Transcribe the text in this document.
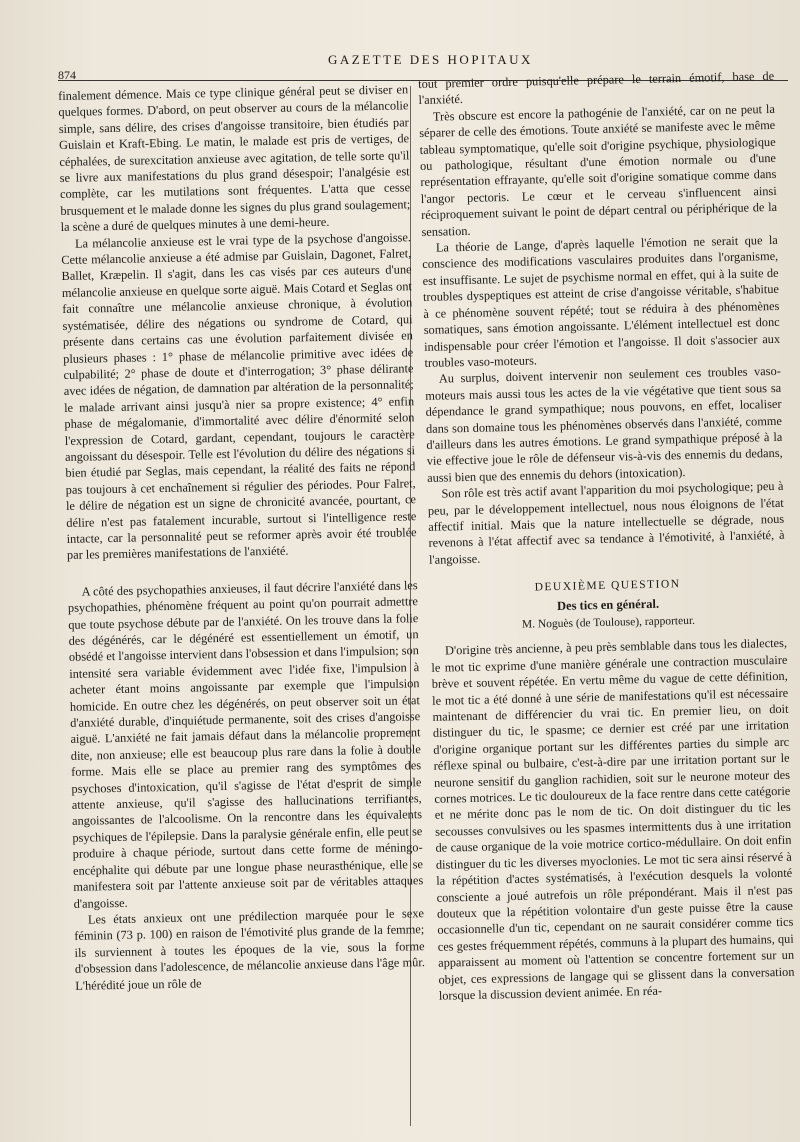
874
GAZETTE DES HOPITAUX

finalement démence. Mais ce type clinique général peut se diviser en quelques formes. D'abord, on peut observer au cours de la mélancolie simple, sans délire, des crises d'angoisse transitoire, bien étudiés par Guislain et Kraft-Ebing. Le matin, le malade est pris de vertiges, de céphalées, de surexcitation anxieuse avec agitation, de telle sorte qu'il se livre aux manifestations du plus grand désespoir; l'analgésie est complète, car les mutilations sont fréquentes. L'atta que cesse brusquement et le malade donne les signes du plus grand soulagement; la scène a duré de quelques minutes à une demi-heure.

La mélancolie anxieuse est le vrai type de la psychose d'angoisse. Cette mélancolie anxieuse a été admise par Guislain, Dagonet, Falret, Ballet, Kræpelin. Il s'agit, dans les cas visés par ces auteurs d'une mélancolie anxieuse en quelque sorte aiguë. Mais Cotard et Seglas ont fait connaître une mélancolie anxieuse chronique, à évolution systématisée, délire des négations ou syndrome de Cotard, qui présente dans certains cas une évolution parfaitement divisée en plusieurs phases : 1° phase de mélancolie primitive avec idées de culpabilité; 2° phase de doute et d'interrogation; 3° phase délirante avec idées de négation, de damnation par altération de la personnalité; le malade arrivant ainsi jusqu'à nier sa propre existence; 4° enfin phase de mégalomanie, d'immortalité avec délire d'énormité selon l'expression de Cotard, gardant, cependant, toujours le caractère angoissant du désespoir. Telle est l'évolution du délire des négations si bien étudié par Seglas, mais cependant, la réalité des faits ne répond pas toujours à cet enchaînement si régulier des périodes. Pour Falret, le délire de négation est un signe de chronicité avancée, pourtant, ce délire n'est pas fatalement incurable, surtout si l'intelligence reste intacte, car la personnalité peut se reformer après avoir été troublée par les premières manifestations de l'anxiété.

A côté des psychopathies anxieuses, il faut décrire l'anxiété dans les psychopathies, phénomène fréquent au point qu'on pourrait admettre que toute psychose débute par de l'anxiété. On les trouve dans la folie des dégénérés, car le dégénéré est essentiellement un émotif, un obsédé et l'angoisse intervient dans l'obsession et dans l'impulsion; son intensité sera variable évidemment avec l'idée fixe, l'impulsion à acheter étant moins angoissante par exemple que l'impulsion homicide. En outre chez les dégénérés, on peut observer soit un état d'anxiété durable, d'inquiétude permanente, soit des crises d'angoisse aiguë. L'anxiété ne fait jamais défaut dans la mélancolie proprement dite, non anxieuse; elle est beaucoup plus rare dans la folie à double forme. Mais elle se place au premier rang des symptômes des psychoses d'intoxication, qu'il s'agisse de l'état d'esprit de simple attente anxieuse, qu'il s'agisse des hallucinations terrifiantes, angoissantes de l'alcoolisme. On la rencontre dans les équivalents psychiques de l'épilepsie. Dans la paralysie générale enfin, elle peut se produire à chaque période, surtout dans cette forme de méningo-encéphalite qui débute par une longue phase neurasthénique, elle se manifestera soit par l'attente anxieuse soit par de véritables attaques d'angoisse.

Les états anxieux ont une prédilection marquée pour le sexe féminin (73 p. 100) en raison de l'émotivité plus grande de la femme; ils surviennent à toutes les époques de la vie, sous la forme d'obsession dans l'adolescence, de mélancolie anxieuse dans l'âge mûr. L'hérédité joue un rôle de

tout premier ordre puisqu'elle prépare le terrain émotif, base de l'anxiété.

Très obscure est encore la pathogénie de l'anxiété, car on ne peut la séparer de celle des émotions. Toute anxiété se manifeste avec le même tableau symptomatique, qu'elle soit d'origine psychique, physiologique ou pathologique, résultant d'une émotion normale ou d'une représentation effrayante, qu'elle soit d'origine somatique comme dans l'angor pectoris. Le cœur et le cerveau s'influencent ainsi réciproquement suivant le point de départ central ou périphérique de la sensation.

La théorie de Lange, d'après laquelle l'émotion ne serait que la conscience des modifications vasculaires produites dans l'organisme, est insuffisante. Le sujet de psychisme normal en effet, qui à la suite de troubles dyspeptiques est atteint de crise d'angoisse véritable, s'habitue à ce phénomène souvent répété; tout se réduira à des phénomènes somatiques, sans émotion angoissante. L'élément intellectuel est donc indispensable pour créer l'émotion et l'angoisse. Il doit s'associer aux troubles vaso-moteurs.

Au surplus, doivent intervenir non seulement ces troubles vaso-moteurs mais aussi tous les actes de la vie végétative que tient sous sa dépendance le grand sympathique; nous pouvons, en effet, localiser dans son domaine tous les phénomènes observés dans l'anxiété, comme d'ailleurs dans les autres émotions. Le grand sympathique préposé à la vie effective joue le rôle de défenseur vis-à-vis des ennemis du dedans, aussi bien que des ennemis du dehors (intoxication).

Son rôle est très actif avant l'apparition du moi psychologique; peu à peu, par le développement intellectuel, nous nous éloignons de l'état affectif initial. Mais que la nature intellectuelle se dégrade, nous revenons à l'état affectif avec sa tendance à l'émotivité, à l'anxiété, à l'angoisse.

DEUXIÈME QUESTION
Des tics en général.
M. Noguès (de Toulouse), rapporteur.

D'origine très ancienne, à peu près semblable dans tous les dialectes, le mot tic exprime d'une manière générale une contraction musculaire brève et souvent répétée. En vertu même du vague de cette définition, le mot tic a été donné à une série de manifestations qu'il est nécessaire maintenant de différencier du vrai tic. En premier lieu, on doit distinguer du tic, le spasme; ce dernier est créé par une irritation d'origine organique portant sur les différentes parties du simple arc réflexe spinal ou bulbaire, c'est-à-dire par une irritation portant sur le neurone sensitif du ganglion rachidien, soit sur le neurone moteur des cornes motrices. Le tic douloureux de la face rentre dans cette catégorie et ne mérite donc pas le nom de tic. On doit distinguer du tic les secousses convulsives ou les spasmes intermittents dus à une irritation de cause organique de la voie motrice cortico-médullaire. On doit enfin distinguer du tic les diverses myoclonies. Le mot tic sera ainsi réservé à la répétition d'actes systématisés, à l'exécution desquels la volonté consciente a joué autrefois un rôle prépondérant. Mais il n'est pas douteux que la répétition volontaire d'un geste puisse être la cause occasionnelle d'un tic, cependant on ne saurait considérer comme tics ces gestes fréquemment répétés, communs à la plupart des humains, qui apparaissent au moment où l'attention se concentre fortement sur un objet, ces expressions de langage qui se glissent dans la conversation lorsque la discussion devient animée. En réa-
